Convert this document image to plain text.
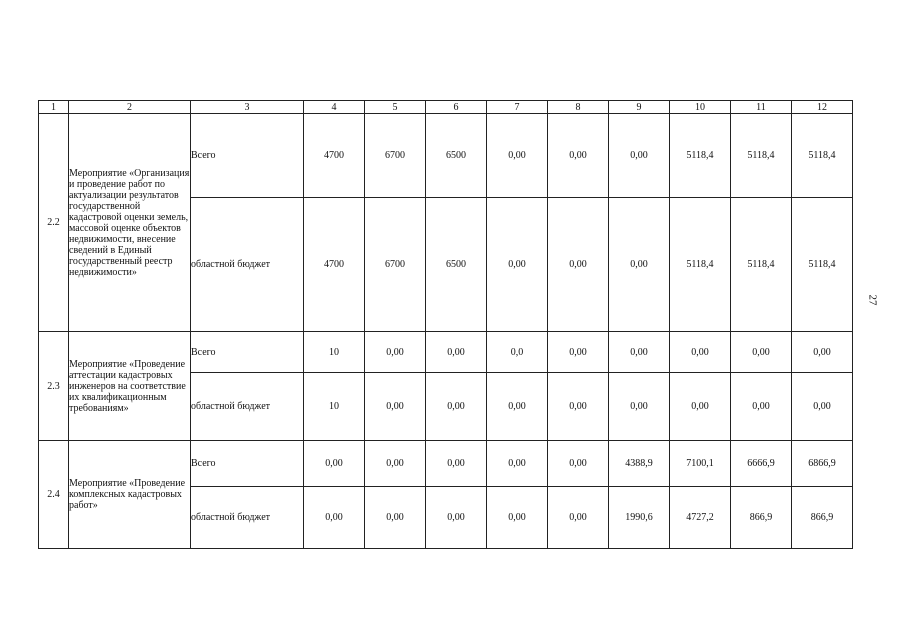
1	2	3	4	5	6	7	8	9	10	11	12
2.2	Мероприятие «Организация и проведение работ по актуализации результатов государственной кадастровой оценки земель, массовой оценке объектов недвижимости, внесение сведений в Единый государственный реестр недвижимости»	Всего	4700	6700	6500	0,00	0,00	0,00	5118,4	5118,4	5118,4
		областной бюджет	4700	6700	6500	0,00	0,00	0,00	5118,4	5118,4	5118,4
2.3	Мероприятие «Проведение аттестации кадастровых инженеров на соответствие их квалификационным требованиям»	Всего	10	0,00	0,00	0,0	0,00	0,00	0,00	0,00	0,00
		областной бюджет	10	0,00	0,00	0,00	0,00	0,00	0,00	0,00	0,00
2.4	Мероприятие «Проведение комплексных кадастровых работ»	Всего	0,00	0,00	0,00	0,00	0,00	4388,9	7100,1	6666,9	6866,9
		областной бюджет	0,00	0,00	0,00	0,00	0,00	1990,6	4727,2	866,9	866,9
27
